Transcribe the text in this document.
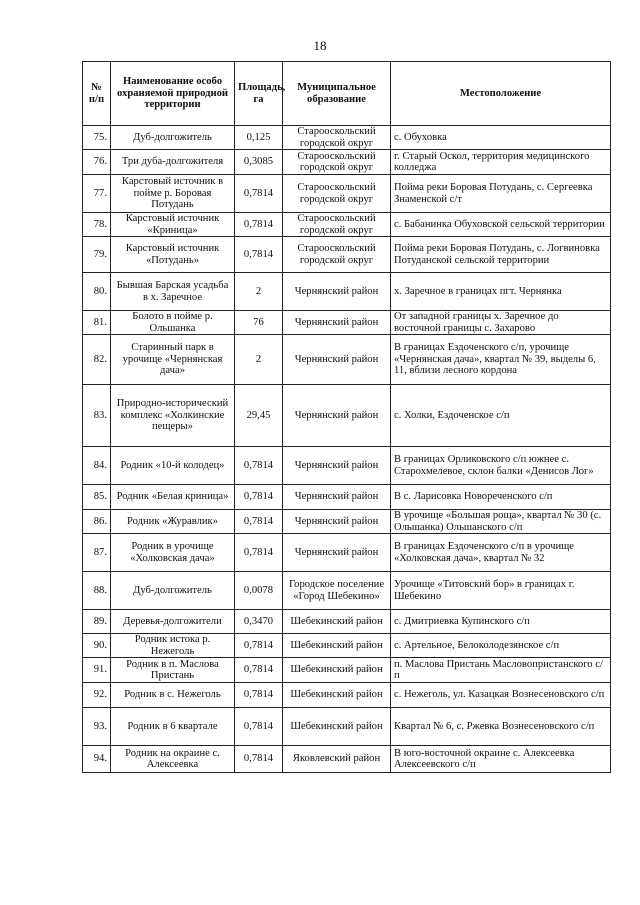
18
№ п/п	Наименование особо охраняемой природной территории	Площадь, га	Муниципальное образование	Местоположение
75.	Дуб-долгожитель	0,125	Старооскольский городской округ	с. Обуховка
76.	Три дуба-долгожителя	0,3085	Старооскольский городской округ	г. Старый Оскол, территория медицинского колледжа
77.	Карстовый источник в пойме р. Боровая Потудань	0,7814	Старооскольский городской округ	Пойма реки Боровая Потудань, с. Сергеевка Знаменской с/т
78.	Карстовый источник «Криница»	0,7814	Старооскольский городской округ	с. Бабанинка Обуховской сельской территории
79.	Карстовый источник «Потудань»	0,7814	Старооскольский городской округ	Пойма реки Боровая Потудань, с. Логвиновка Потуданской сельской территории
80.	Бывшая Барская усадьба в х. Заречное	2	Чернянский район	х. Заречное в границах пгт. Чернянка
81.	Болото в пойме р. Ольшанка	76	Чернянский район	От западной границы х. Заречное до восточной границы с. Захарово
82.	Старинный парк в урочище «Чернянская дача»	2	Чернянский район	В границах Ездоченского с/п, урочище «Чернянская дача», квартал № 39, выделы 6, 11, вблизи лесного кордона
83.	Природно-исторический комплекс «Холкинские пещеры»	29,45	Чернянский район	с. Холки, Ездоченское с/п
84.	Родник «10-й колодец»	0,7814	Чернянский район	В границах Орликовского с/п южнее с. Старохмелевое, склон балки «Денисов Лог»
85.	Родник «Белая криница»	0,7814	Чернянский район	В с. Ларисовка Новореченского с/п
86.	Родник «Журавлик»	0,7814	Чернянский район	В урочище «Большая роща», квартал № 30 (с. Ольшанка) Ольшанского с/п
87.	Родник в урочище «Холковская дача»	0,7814	Чернянский район	В границах Ездоченского с/п в урочище «Холковская дача», квартал № 32
88.	Дуб-долгожитель	0,0078	Городское поселение «Город Шебекино»	Урочище «Титовский бор» в границах г. Шебекино
89.	Деревья-долгожители	0,3470	Шебекинский район	с. Дмитриевка Купинского с/п
90.	Родник истока р. Нежеголь	0,7814	Шебекинский район	с. Артельное, Белоколодезянское с/п
91.	Родник в п. Маслова Пристань	0,7814	Шебекинский район	п. Маслова Пристань Масловопристанского с/п
92.	Родник в с. Нежеголь	0,7814	Шебекинский район	с. Нежеголь, ул. Казацкая Вознесеновского с/п
93.	Родник в 6 квартале	0,7814	Шебекинский район	Квартал № 6, с. Ржевка Вознесеновского с/п
94.	Родник на окраине с. Алексеевка	0,7814	Яковлевский район	В юго-восточной окраине с. Алексеевка Алексеевского с/п
